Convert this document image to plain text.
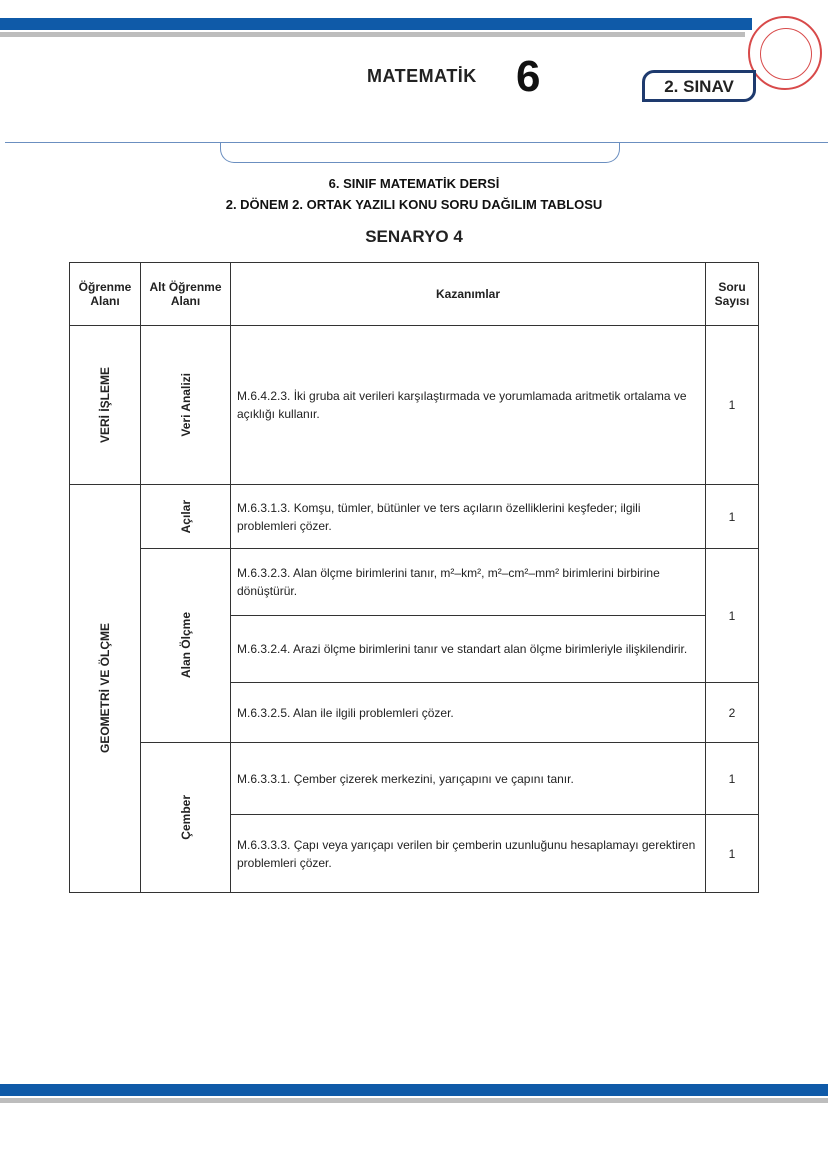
MATEMATİK 6	2. SINAV
6. SINIF MATEMATİK DERSİ
2. DÖNEM 2. ORTAK YAZILI KONU SORU DAĞILIM TABLOSU
SENARYO 4
Öğrenme Alanı	Alt Öğrenme Alanı	Kazanımlar	Soru Sayısı

VERİ İŞLEME	Veri Analizi	M.6.4.2.3. İki gruba ait verileri karşılaştırmada ve yorumlamada aritmetik ortalama ve açıklığı kullanır.	1

GEOMETRİ VE ÖLÇME	Açılar	M.6.3.1.3. Komşu, tümler, bütünler ve ters açıların özelliklerini keşfeder; ilgili problemleri çözer.	1

	Alan Ölçme	M.6.3.2.3. Alan ölçme birimlerini tanır, m²–km², m²–cm²–mm² birimlerini birbirine dönüştürür.	1
		M.6.3.2.4. Arazi ölçme birimlerini tanır ve standart alan ölçme birimleriyle ilişkilendirir.	
		M.6.3.2.5. Alan ile ilgili problemleri çözer.	2

	Çember	M.6.3.3.1. Çember çizerek merkezini, yarıçapını ve çapını tanır.	1
		M.6.3.3.3. Çapı veya yarıçapı verilen bir çemberin uzunluğunu hesaplamayı gerektiren problemleri çözer.	1
